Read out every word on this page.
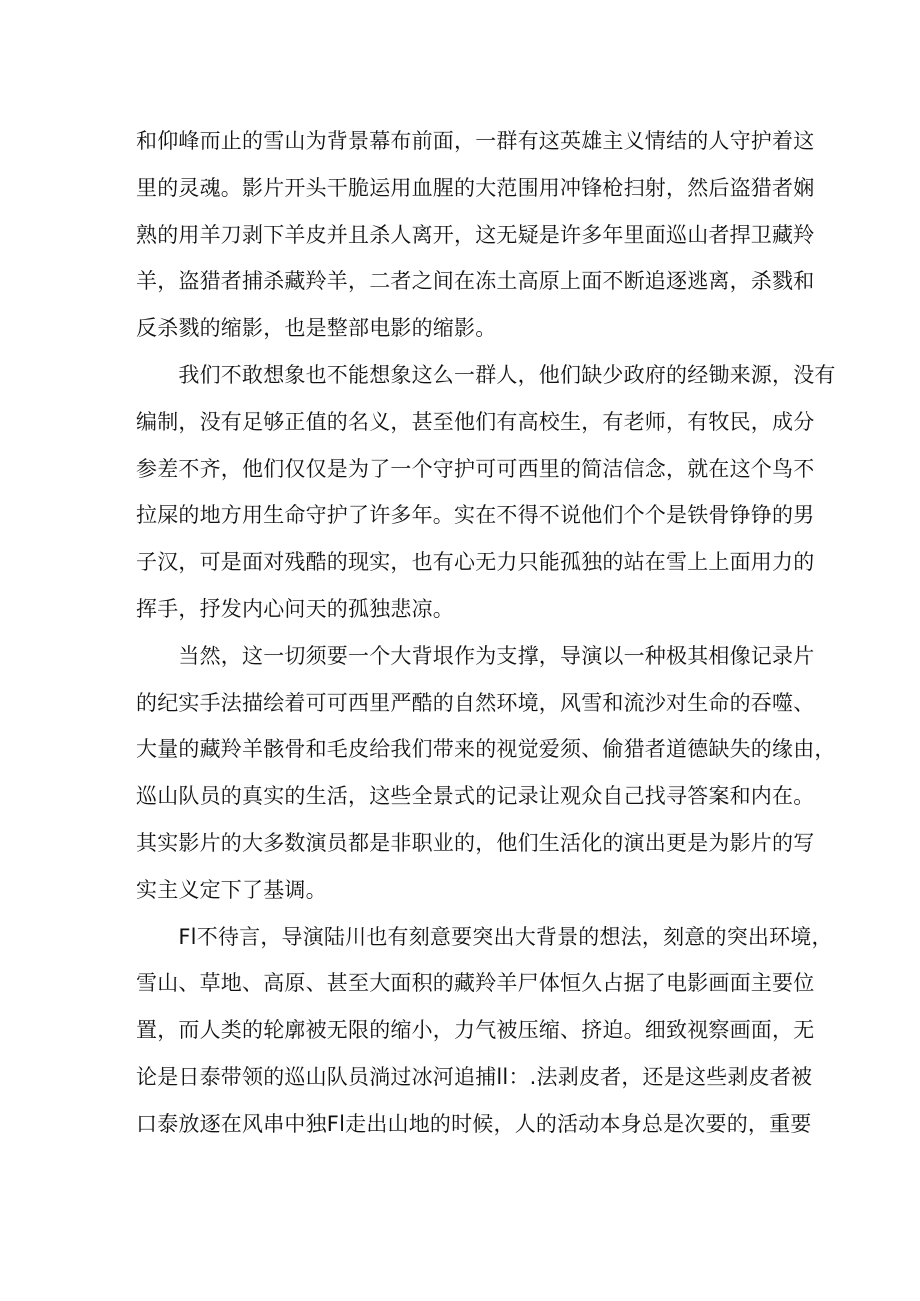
和仰峰而止的雪山为背景幕布前面，一群有这英雄主义情结的人守护着这
里的灵魂。影片开头干脆运用血腥的大范围用冲锋枪扫射，然后盗猎者娴
熟的用羊刀剥下羊皮并且杀人离开，这无疑是许多年里面巡山者捍卫藏羚
羊，盗猎者捕杀藏羚羊，二者之间在冻土高原上面不断追逐逃离，杀戮和
反杀戮的缩影，也是整部电影的缩影。
　　我们不敢想象也不能想象这么一群人，他们缺少政府的经锄来源，没有
编制，没有足够正值的名义，甚至他们有高校生，有老师，有牧民，成分
参差不齐，他们仅仅是为了一个守护可可西里的简洁信念，就在这个鸟不
拉屎的地方用生命守护了许多年。实在不得不说他们个个是铁骨铮铮的男
子汉，可是面对残酷的现实，也有心无力只能孤独的站在雪上上面用力的
挥手，抒发内心问天的孤独悲凉。
　　当然，这一切须要一个大背垠作为支撑，导演以一种极其相像记录片
的纪实手法描绘着可可西里严酷的自然环境，风雪和流沙对生命的吞噬、
大量的藏羚羊骸骨和毛皮给我们带来的视觉爱须、偷猎者道德缺失的缘由，
巡山队员的真实的生活，这些全景式的记录让观众自己找寻答案和内在。
其实影片的大多数演员都是非职业的，他们生活化的演出更是为影片的写
实主义定下了基调。
　　Fl不待言，导演陆川也有刻意要突出大背景的想法，刻意的突出环境，
雪山、草地、高原、甚至大面积的藏羚羊尸体恒久占据了电影画面主要位
置，而人类的轮廓被无限的缩小，力气被压缩、挤迫。细致视察画面，无
论是日泰带领的巡山队员淌过冰河追捕ll：.法剥皮者，还是这些剥皮者被
口泰放逐在风串中独Fl走出山地的时候，人的活动本身总是次要的，重要
